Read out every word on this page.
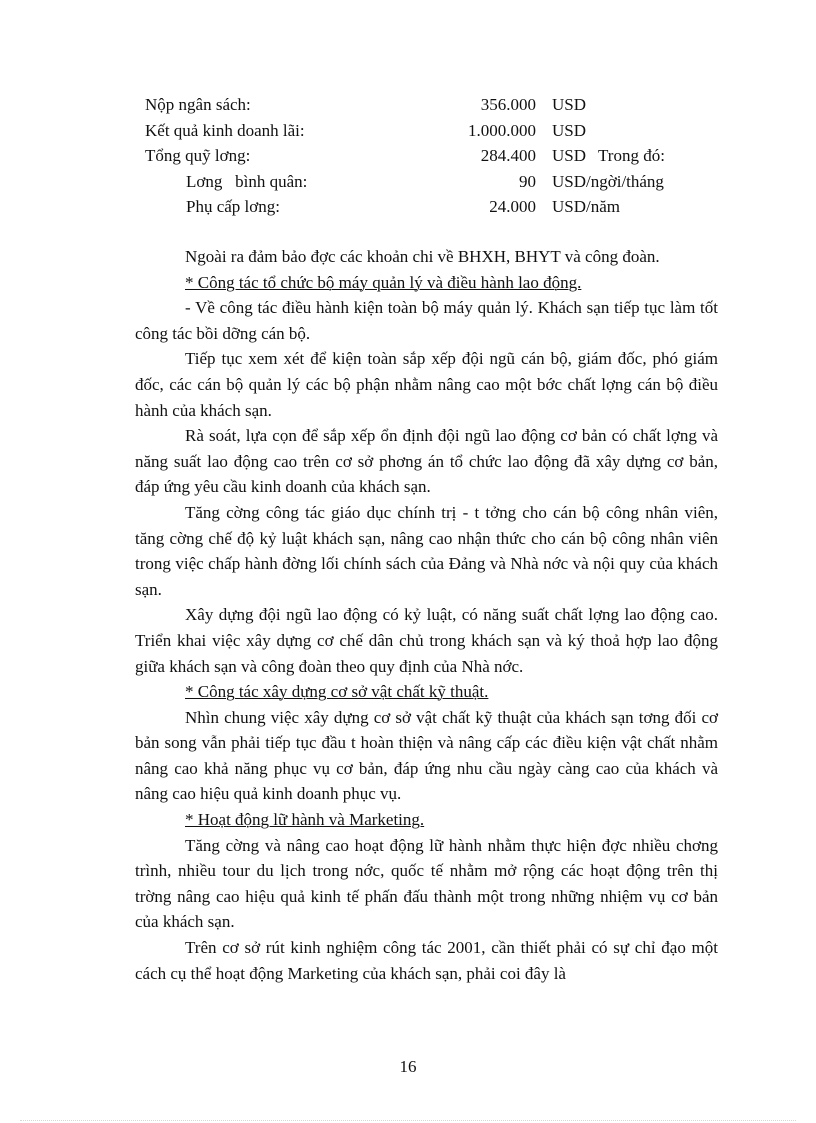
Nộp ngân sách:	356.000 USD
Kết quả kinh doanh lãi:	1.000.000 USD
Tổng quỹ lơng:	284.400 USD Trong đó:
Lơng   bình quân:	90 USD/ngời/tháng
Phụ cấp lơng:	24.000 USD/năm

Ngoài ra đảm bảo đợc các khoản chi về BHXH, BHYT và công đoàn.

* Công tác tổ chức bộ máy quản lý và điều hành lao động.

- Về công tác điều hành kiện toàn bộ máy quản lý. Khách sạn tiếp tục làm tốt công tác bồi dỡng cán bộ.

Tiếp tục xem xét để kiện toàn sắp xếp đội ngũ cán bộ, giám đốc, phó giám đốc, các cán bộ quản lý các bộ phận nhằm nâng cao một bớc chất lợng cán bộ điều hành của khách sạn.

Rà soát, lựa cọn để sắp xếp ổn định đội ngũ lao động cơ bản có chất lợng và năng suất lao động cao trên cơ sở phơng án tổ chức lao động đã xây dựng cơ bản, đáp ứng yêu cầu kinh doanh của khách sạn.

Tăng cờng công tác giáo dục chính trị - t tởng cho cán bộ công nhân viên, tăng cờng chế độ kỷ luật khách sạn, nâng cao nhận thức cho cán bộ công nhân viên trong việc chấp hành đờng lối chính sách của Đảng và Nhà nớc và nội quy của khách sạn.

Xây dựng đội ngũ lao động có kỷ luật, có năng suất chất lợng lao động cao. Triển khai việc xây dựng cơ chế dân chủ trong khách sạn và ký thoả hợp lao động giữa khách sạn và công đoàn theo quy định của Nhà nớc.

* Công tác xây dựng cơ sở vật chất kỹ thuật.

Nhìn chung việc xây dựng cơ sở vật chất kỹ thuật của khách sạn tơng đối cơ bản song vẫn phải tiếp tục đầu t hoàn thiện và nâng cấp các điều kiện vật chất nhằm nâng cao khả năng phục vụ cơ bản, đáp ứng nhu cầu ngày càng cao của khách và nâng cao hiệu quả kinh doanh phục vụ.

* Hoạt động lữ hành và Marketing.

Tăng cờng và nâng cao hoạt động lữ hành nhằm thực hiện đợc nhiều chơng trình, nhiều tour du lịch trong nớc, quốc tế nhằm mở rộng các hoạt động trên thị trờng nâng cao hiệu quả kinh tế phấn đấu thành một trong những nhiệm vụ cơ bản của khách sạn.

Trên cơ sở rút kinh nghiệm công tác 2001, cần thiết phải có sự chỉ đạo một cách cụ thể hoạt động Marketing của khách sạn, phải coi đây là

16
